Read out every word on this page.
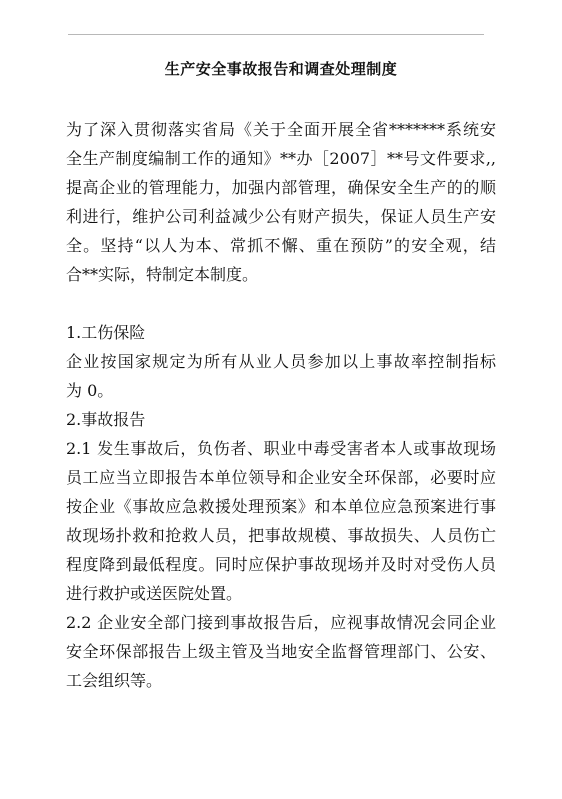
生产安全事故报告和调查处理制度
为了深入贯彻落实省局《关于全面开展全省*******系统安
全生产制度编制工作的通知》**办［2007］**号文件要求,,
提高企业的管理能力，加强内部管理，确保安全生产的的顺
利进行，维护公司利益减少公有财产损失，保证人员生产安
全。坚持“以人为本、常抓不懈、重在预防”的安全观，结
合**实际，特制定本制度。
1.工伤保险
企业按国家规定为所有从业人员参加以上事故率控制指标
为 0。
2.事故报告
2.1 发生事故后，负伤者、职业中毒受害者本人或事故现场
员工应当立即报告本单位领导和企业安全环保部，必要时应
按企业《事故应急救援处理预案》和本单位应急预案进行事
故现场扑救和抢救人员，把事故规模、事故损失、人员伤亡
程度降到最低程度。同时应保护事故现场并及时对受伤人员
进行救护或送医院处置。
2.2 企业安全部门接到事故报告后，应视事故情况会同企业
安全环保部报告上级主管及当地安全监督管理部门、公安、
工会组织等。
